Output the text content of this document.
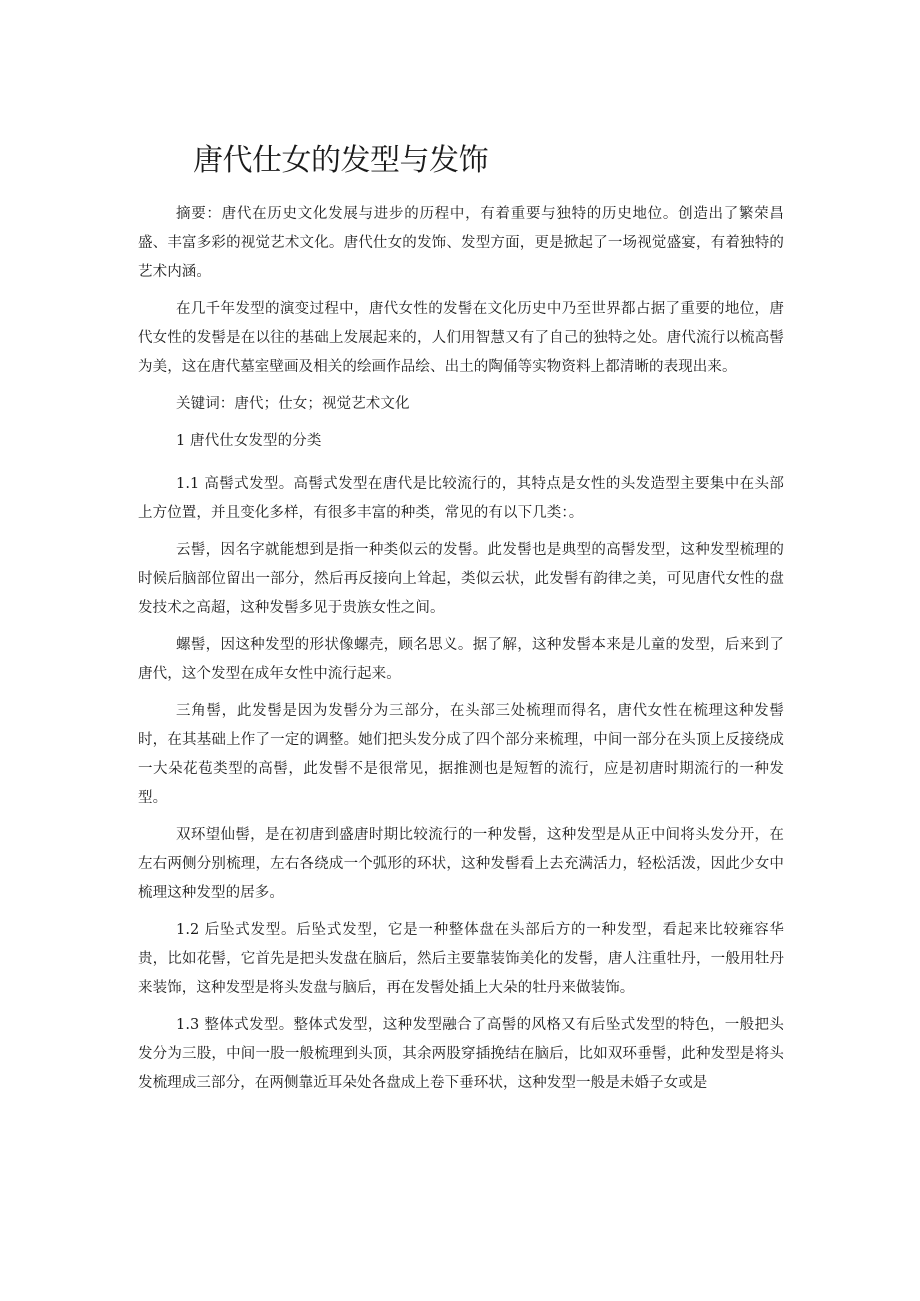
唐代仕女的发型与发饰

摘要：唐代在历史文化发展与进步的历程中，有着重要与独特的历史地位。创造出了繁荣昌盛、丰富多彩的视觉艺术文化。唐代仕女的发饰、发型方面，更是掀起了一场视觉盛宴，有着独特的艺术内涵。

在几千年发型的演变过程中，唐代女性的发髻在文化历史中乃至世界都占据了重要的地位，唐代女性的发髻是在以往的基础上发展起来的，人们用智慧又有了自己的独特之处。唐代流行以梳高髻为美，这在唐代墓室壁画及相关的绘画作品绘、出土的陶俑等实物资料上都清晰的表现出来。

关键词：唐代；仕女；视觉艺术文化

1 唐代仕女发型的分类

1.1 高髻式发型。高髻式发型在唐代是比较流行的，其特点是女性的头发造型主要集中在头部上方位置，并且变化多样，有很多丰富的种类，常见的有以下几类：。

云髻，因名字就能想到是指一种类似云的发髻。此发髻也是典型的高髻发型，这种发型梳理的时候后脑部位留出一部分，然后再反接向上耸起，类似云状，此发髻有韵律之美，可见唐代女性的盘发技术之高超，这种发髻多见于贵族女性之间。

螺髻，因这种发型的形状像螺壳，顾名思义。据了解，这种发髻本来是儿童的发型，后来到了唐代，这个发型在成年女性中流行起来。

三角髻，此发髻是因为发髻分为三部分，在头部三处梳理而得名，唐代女性在梳理这种发髻时，在其基础上作了一定的调整。她们把头发分成了四个部分来梳理，中间一部分在头顶上反接绕成一大朵花苞类型的高髻，此发髻不是很常见，据推测也是短暂的流行，应是初唐时期流行的一种发型。

双环望仙髻，是在初唐到盛唐时期比较流行的一种发髻，这种发型是从正中间将头发分开，在左右两侧分别梳理，左右各绕成一个弧形的环状，这种发髻看上去充满活力，轻松活泼，因此少女中梳理这种发型的居多。

1.2 后坠式发型。后坠式发型，它是一种整体盘在头部后方的一种发型，看起来比较雍容华贵，比如花髻，它首先是把头发盘在脑后，然后主要靠装饰美化的发髻，唐人注重牡丹，一般用牡丹来装饰，这种发型是将头发盘与脑后，再在发髻处插上大朵的牡丹来做装饰。

1.3 整体式发型。整体式发型，这种发型融合了高髻的风格又有后坠式发型的特色，一般把头发分为三股，中间一股一般梳理到头顶，其余两股穿插挽结在脑后，比如双环垂髻，此种发型是将头发梳理成三部分，在两侧靠近耳朵处各盘成上卷下垂环状，这种发型一般是未婚子女或是
